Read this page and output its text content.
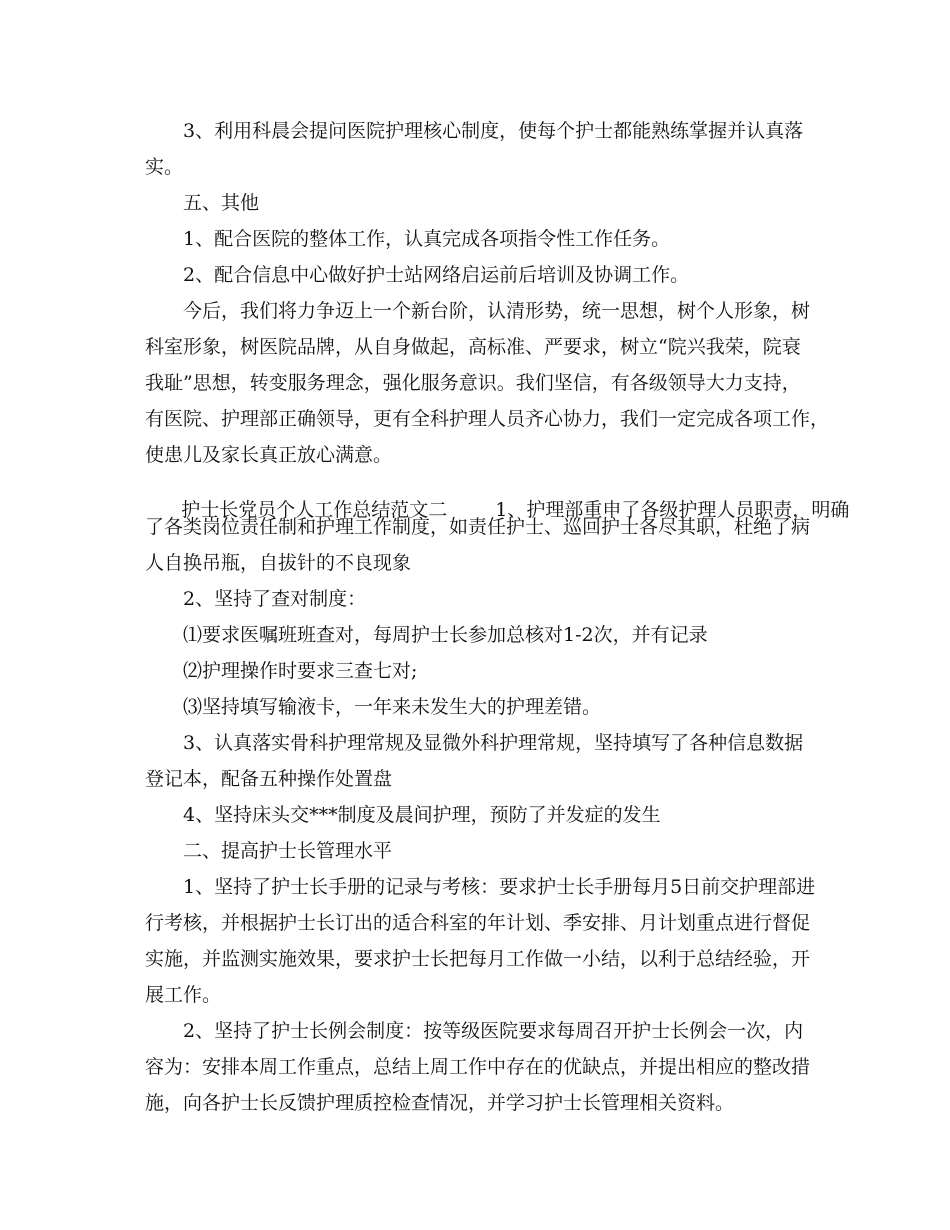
3、利用科晨会提问医院护理核心制度，使每个护士都能熟练掌握并认真落
实。
五、其他
1、配合医院的整体工作，认真完成各项指令性工作任务。
2、配合信息中心做好护士站网络启运前后培训及协调工作。
今后，我们将力争迈上一个新台阶，认清形势，统一思想，树个人形象，树
科室形象，树医院品牌，从自身做起，高标准、严要求，树立“院兴我荣，院衰
我耻”思想，转变服务理念，强化服务意识。我们坚信，有各级领导大力支持，
有医院、护理部正确领导，更有全科护理人员齐心协力，我们一定完成各项工作，
使患儿及家长真正放心满意。

护士长党员个人工作总结范文二	1、护理部重申了各级护理人员职责，明确

了各类岗位责任制和护理工作制度，如责任护士、巡回护士各尽其职，杜绝了病
人自换吊瓶，自拔针的不良现象
2、坚持了查对制度：
⑴要求医嘱班班查对，每周护士长参加总核对1-2次，并有记录
⑵护理操作时要求三查七对;
⑶坚持填写输液卡，一年来未发生大的护理差错。
3、认真落实骨科护理常规及显微外科护理常规，坚持填写了各种信息数据
登记本，配备五种操作处置盘
4、坚持床头交***制度及晨间护理，预防了并发症的发生
二、提高护士长管理水平
1、坚持了护士长手册的记录与考核：要求护士长手册每月5日前交护理部进
行考核，并根据护士长订出的适合科室的年计划、季安排、月计划重点进行督促
实施，并监测实施效果，要求护士长把每月工作做一小结，以利于总结经验，开
展工作。
2、坚持了护士长例会制度：按等级医院要求每周召开护士长例会一次，内
容为：安排本周工作重点，总结上周工作中存在的优缺点，并提出相应的整改措
施，向各护士长反馈护理质控检查情况，并学习护士长管理相关资料。
